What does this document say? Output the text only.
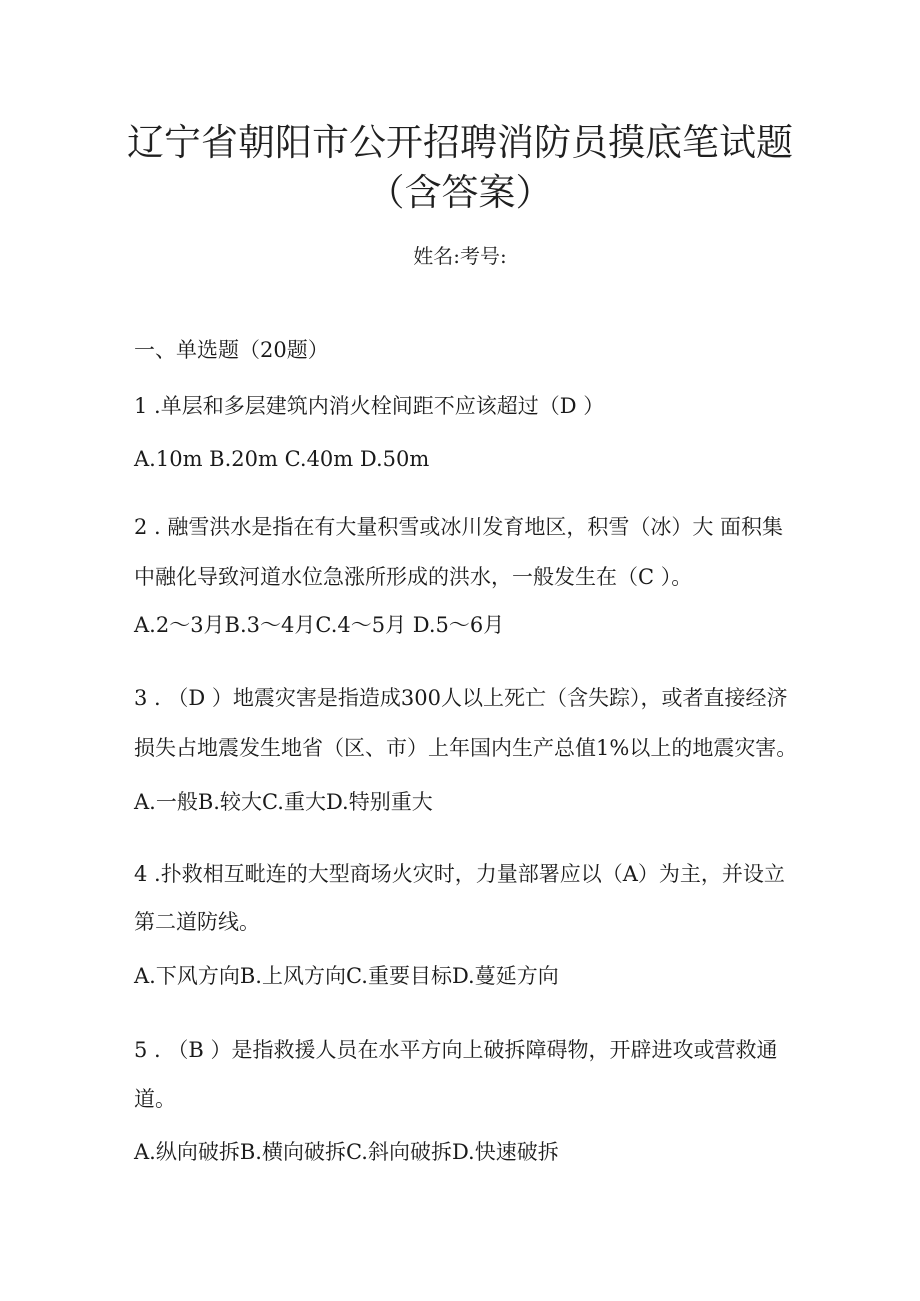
辽宁省朝阳市公开招聘消防员摸底笔试题
（含答案）
姓名:考号:
一、单选题（20题）
1 .单层和多层建筑内消火栓间距不应该超过（D ）
A.10m B.20m C.40m D.50m
2 . 融雪洪水是指在有大量积雪或冰川发育地区，积雪（冰）大 面积集
中融化导致河道水位急涨所形成的洪水，一般发生在（C ）。
A.2～3月B.3～4月C.4～5月 D.5～6月
3 . （D ）地震灾害是指造成300人以上死亡（含失踪），或者直接经济
损失占地震发生地省（区、市）上年国内生产总值1%以上的地震灾害。
A.一般B.较大C.重大D.特别重大
4 .扑救相互毗连的大型商场火灾时，力量部署应以（A）为主，并设立
第二道防线。
A.下风方向B.上风方向C.重要目标D.蔓延方向
5 . （B ）是指救援人员在水平方向上破拆障碍物，开辟进攻或营救通
道。
A.纵向破拆B.横向破拆C.斜向破拆D.快速破拆
